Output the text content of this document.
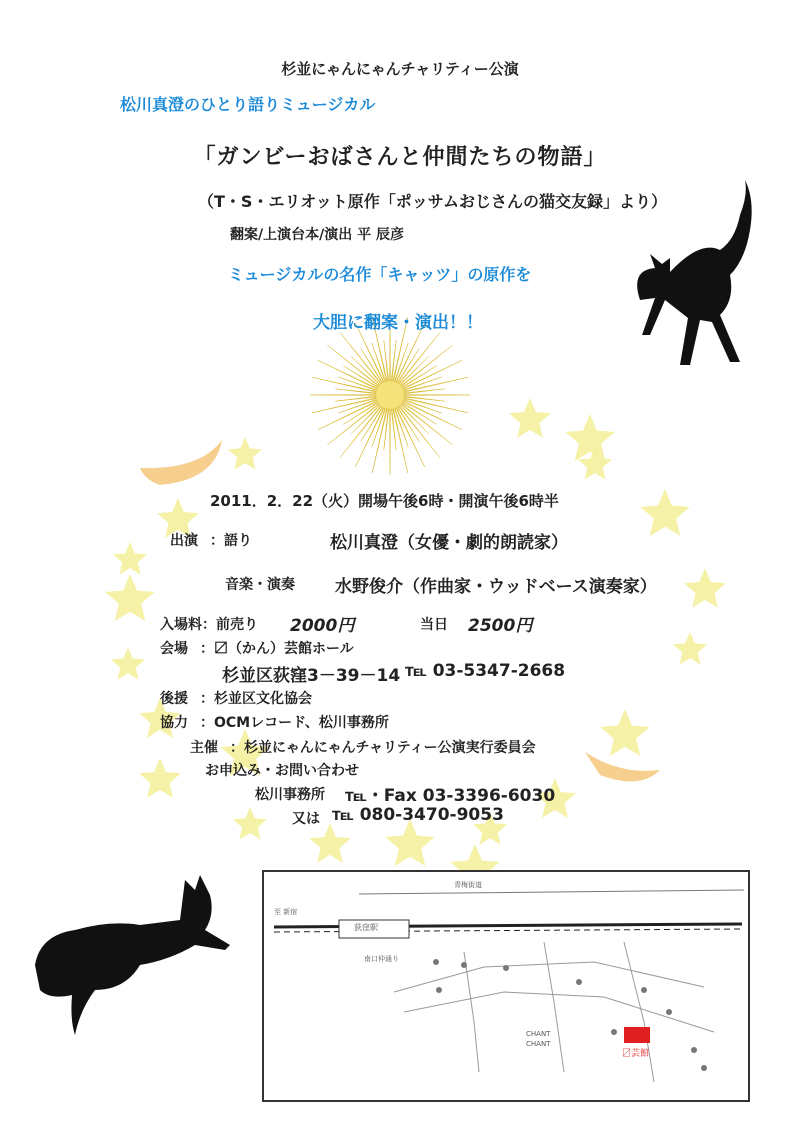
杉並にゃんにゃんチャリティー公演
松川真澄のひとり語りミュージカル
「ガンビーおばさんと仲間たちの物語」
（T・S・エリオット原作「ポッサムおじさんの猫交友録」より）
翻案/上演台本/演出 平 辰彦
ミュージカルの名作「キャッツ」の原作を
大胆に翻案・演出！！
2011．2．22（火）開場午後6時・開演午後6時半
出演 ：語り	松川真澄（女優・劇的朗読家）
音楽・演奏 水野俊介（作曲家・ウッドベース演奏家）
入場料：前売り 2000円	当日 2500円
会場 ：〼（かん）芸館ホール
杉並区荻窪3－39－14 ℡ 03-5347-2668
後援 ：杉並区文化協会
協力 ：OCMレコード、松川事務所
主催 ：杉並にゃんにゃんチャリティー公演実行委員会
お申込み・お問い合わせ
松川事務所 ℡・Fax 03-3396-6030
又は ℡ 080-3470-9053
青梅街道
至 新宿
荻窪駅
南口仲通り
CHANT
CHANT
〼芸館
